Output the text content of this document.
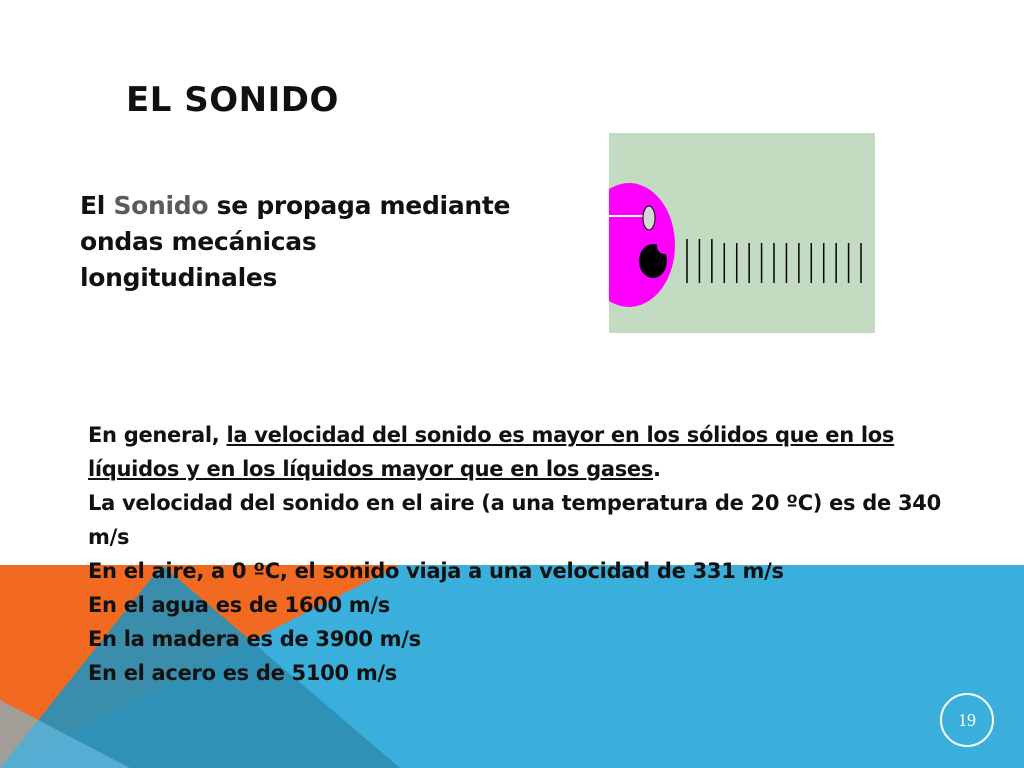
EL SONIDO

El Sonido se propaga mediante ondas mecánicas longitudinales

En general, la velocidad del sonido es mayor en los sólidos que en los líquidos y en los líquidos mayor que en los gases.

La velocidad del sonido en el aire (a una temperatura de 20 ºC) es de 340 m/s

En el aire, a 0 ºC, el sonido viaja a una velocidad de 331 m/s

En el agua es de 1600 m/s

En la madera es de 3900 m/s

En el acero es de 5100 m/s

19
